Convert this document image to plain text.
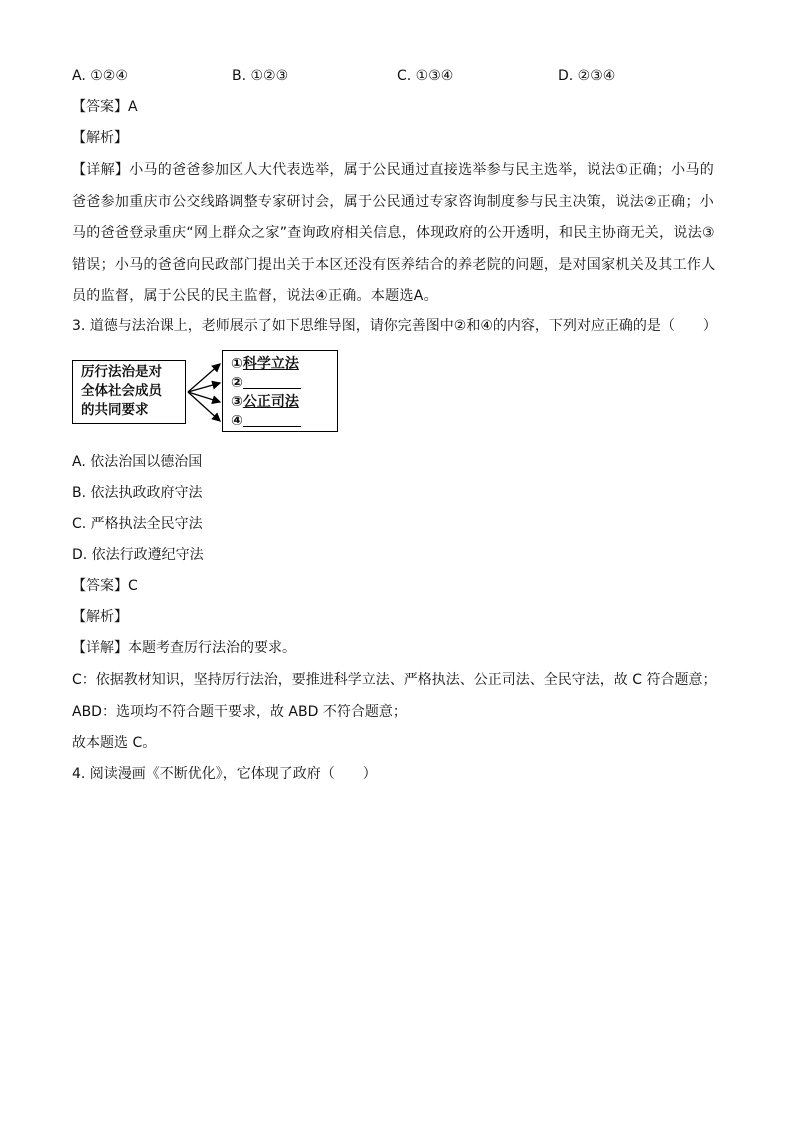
A. ①②④	B. ①②③	C. ①③④	D. ②③④
【答案】A
【解析】
【详解】小马的爸爸参加区人大代表选举，属于公民通过直接选举参与民主选举，说法①正确；小马的爸爸参加重庆市公交线路调整专家研讨会，属于公民通过专家咨询制度参与民主决策，说法②正确；小马的爸爸登录重庆“网上群众之家”查询政府相关信息，体现政府的公开透明，和民主协商无关，说法③错误；小马的爸爸向民政部门提出关于本区还没有医养结合的养老院的问题，是对国家机关及其工作人员的监督，属于公民的民主监督，说法④正确。本题选A。
3. 道德与法治课上，老师展示了如下思维导图，请你完善图中②和④的内容，下列对应正确的是（　　）
厉行法治是对
全体社会成员
的共同要求
①科学立法
②
③公正司法
④
A. 依法治国以德治国
B. 依法执政政府守法
C. 严格执法全民守法
D. 依法行政遵纪守法
【答案】C
【解析】
【详解】本题考查厉行法治的要求。
C：依据教材知识，坚持厉行法治，要推进科学立法、严格执法、公正司法、全民守法，故 C 符合题意；
ABD：选项均不符合题干要求，故 ABD 不符合题意；
故本题选 C。
4. 阅读漫画《不断优化》，它体现了政府（　　）
